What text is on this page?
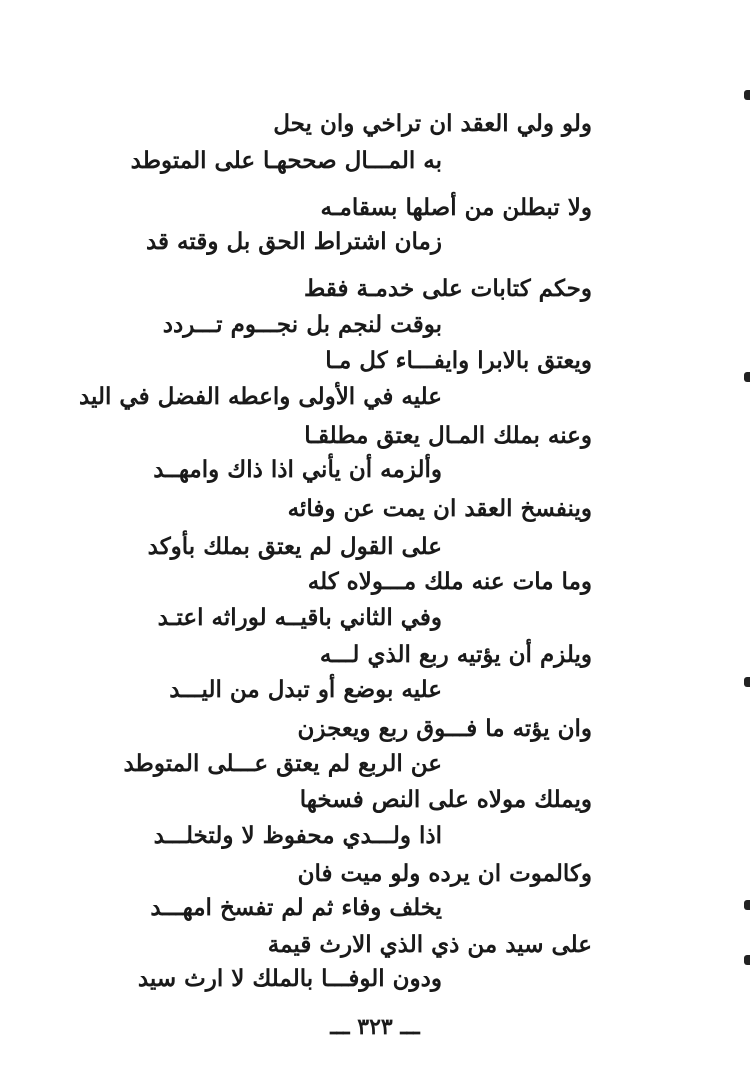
ولو ولي العقد ان تراخي وان يحل
به المـــال صححهـا على المتوطد
ولا تبطلن من أصلها بسقامـه
زمان اشتراط الحق بل وقته قد
وحكم كتابات على خدمـة فقط
بوقت لنجم بل نجـــوم تـــردد
ويعتق بالابرا وايفـــاء كل مـا
عليه في الأولى واعطه الفضل في اليد
وعنه بملك المـال يعتق مطلقـا
وألزمه أن يأني اذا ذاك وامهــد
وينفسخ العقد ان يمت عن وفائه
على القول لم يعتق بملك بأوكد
وما مات عنه ملك مـــولاه كله
وفي الثاني باقيــه لوراثه اعتـد
ويلزم أن يؤتيه ربع الذي لـــه
عليه بوضع أو تبدل من اليـــد
وان يؤته ما فـــوق ربع ويعجزن
عن الربع لم يعتق عـــلى المتوطد
ويملك مولاه على النص فسخها
اذا ولـــدي محفوظ لا ولتخلـــد
وكالموت ان يرده ولو ميت فان
يخلف وفاء ثم لم تفسخ امهـــد
على سيد من ذي الذي الارث قيمة
ودون الوفـــا بالملك لا ارث سيد
ـــ ٣٢٣ ـــ
